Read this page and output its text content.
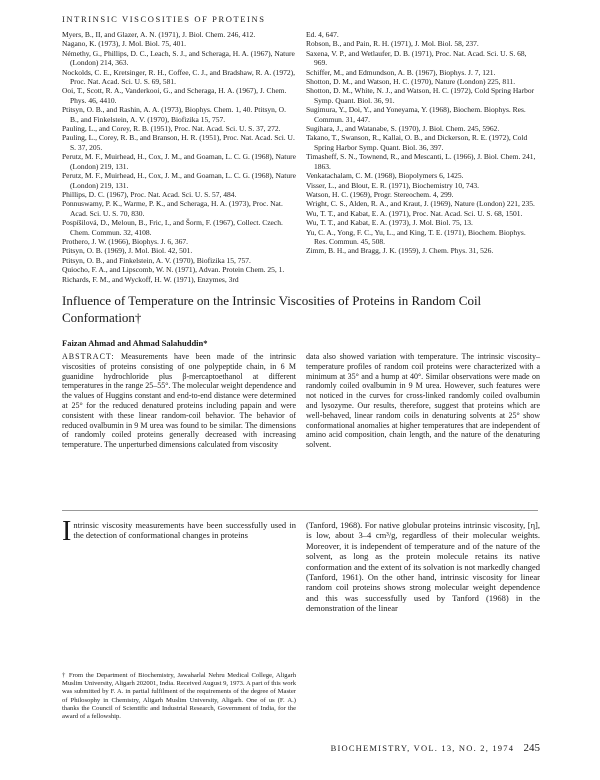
INTRINSIC VISCOSITIES OF PROTEINS

Myers, B., II, and Glazer, A. N. (1971), J. Biol. Chem. 246, 412.

Nagano, K. (1973), J. Mol. Biol. 75, 401.

Némethy, G., Phillips, D. C., Leach, S. J., and Scheraga, H. A. (1967), Nature (London) 214, 363.

Nockolds, C. E., Kretsinger, R. H., Coffee, C. J., and Bradshaw, R. A. (1972), Proc. Nat. Acad. Sci. U. S. 69, 581.

Ooi, T., Scott, R. A., Vanderkooi, G., and Scheraga, H. A. (1967), J. Chem. Phys. 46, 4410.

Ptitsyn, O. B., and Rashin, A. A. (1973), Biophys. Chem. 1, 40. Ptitsyn, O. B., and Finkelstein, A. V. (1970), Biofizika 15, 757.

Pauling, L., and Corey, R. B. (1951), Proc. Nat. Acad. Sci. U. S. 37, 272.

Pauling, L., Corey, R. B., and Branson, H. R. (1951), Proc. Nat. Acad. Sci. U. S. 37, 205.

Perutz, M. F., Muirhead, H., Cox, J. M., and Goaman, L. C. G. (1968), Nature (London) 219, 131.

Perutz, M. F., Muirhead, H., Cox, J. M., and Goaman, L. C. G. (1968), Nature (London) 219, 131.

Phillips, D. C. (1967), Proc. Nat. Acad. Sci. U. S. 57, 484.

Ponnuswamy, P. K., Warme, P. K., and Scheraga, H. A. (1973), Proc. Nat. Acad. Sci. U. S. 70, 830.

Pospíšilová, D., Meloun, B., Fric, I., and Šorm, F. (1967), Collect. Czech. Chem. Commun. 32, 4108.

Prothero, J. W. (1966), Biophys. J. 6, 367.

Ptitsyn, O. B. (1969), J. Mol. Biol. 42, 501.

Ptitsyn, O. B., and Finkelstein, A. V. (1970), Biofizika 15, 757.

Quiocho, F. A., and Lipscomb, W. N. (1971), Advan. Protein Chem. 25, 1.

Richards, F. M., and Wyckoff, H. W. (1971), Enzymes, 3rd

Ed. 4, 647.

Robson, B., and Pain, R. H. (1971), J. Mol. Biol. 58, 237.

Saxena, V. P., and Wetlaufer, D. B. (1971), Proc. Nat. Acad. Sci. U. S. 68, 969.

Schiffer, M., and Edmundson, A. B. (1967), Biophys. J. 7, 121.

Shotton, D. M., and Watson, H. C. (1970), Nature (London) 225, 811.

Shotton, D. M., White, N. J., and Watson, H. C. (1972), Cold Spring Harbor Symp. Quant. Biol. 36, 91.

Sugimura, Y., Doi, Y., and Yoneyama, Y. (1968), Biochem. Biophys. Res. Commun. 31, 447.

Sugihara, J., and Watanabe, S. (1970), J. Biol. Chem. 245, 5962.

Takano, T., Swanson, R., Kallai, O. B., and Dickerson, R. E. (1972), Cold Spring Harbor Symp. Quant. Biol. 36, 397.

Timasheff, S. N., Townend, R., and Mescanti, L. (1966), J. Biol. Chem. 241, 1863.

Venkatachalam, C. M. (1968), Biopolymers 6, 1425.

Visser, L., and Blout, E. R. (1971), Biochemistry 10, 743.

Watson, H. C. (1969), Progr. Stereochem. 4, 299.

Wright, C. S., Alden, R. A., and Kraut, J. (1969), Nature (London) 221, 235.

Wu, T. T., and Kabat, E. A. (1971), Proc. Nat. Acad. Sci. U. S. 68, 1501.

Wu, T. T., and Kabat, E. A. (1973), J. Mol. Biol. 75, 13.

Yu, C. A., Yong, F. C., Yu, L., and King, T. E. (1971), Biochem. Biophys. Res. Commun. 45, 508.

Zimm, B. H., and Bragg, J. K. (1959), J. Chem. Phys. 31, 526.

Influence of Temperature on the Intrinsic Viscosities of Proteins in Random Coil Conformation†
Faizan Ahmad and Ahmad Salahuddin*
ABSTRACT: Measurements have been made of the intrinsic viscosities of proteins consisting of one polypeptide chain, in 6 M guanidine hydrochloride plus β-mercaptoethanol at different temperatures in the range 25–55°. The molecular weight dependence and the values of Huggins constant and end-to-end distance were determined at 25° for the reduced denatured proteins including papain and were consistent with these linear random-coil behavior. The behavior of reduced ovalbumin in 9 M urea was found to be similar. The dimensions of randomly coiled proteins generally decreased with increasing temperature. The unperturbed dimensions calculated from viscosity
data also showed variation with temperature. The intrinsic viscosity–temperature profiles of random coil proteins were characterized with a minimum at 35° and a hump at 40°. Similar observations were made on randomly coiled ovalbumin in 9 M urea. However, such features were not noticed in the curves for cross-linked randomly coiled ovalbumin and lysozyme. Our results, therefore, suggest that proteins which are well-behaved, linear random coils in denaturing solvents at 25° show conformational anomalies at higher temperatures that are independent of amino acid composition, chain length, and the nature of the denaturing solvent.
I ntrinsic viscosity measurements have been successfully used in the detection of conformational changes in proteins
† From the Department of Biochemistry, Jawaharlal Nehru Medical College, Aligarh Muslim University, Aligarh 202001, India. Received August 9, 1973. A part of this work was submitted by F. A. in partial fulfilment of the requirements of the degree of Master of Philosophy in Chemistry, Aligarh Muslim University, Aligarh. One of us (F. A.) thanks the Council of Scientific and Industrial Research, Government of India, for the award of a fellowship.
(Tanford, 1968). For native globular proteins intrinsic viscosity, [η], is low, about 3–4 cm³/g, regardless of their molecular weights. Moreover, it is independent of temperature and of the nature of the solvent, as long as the protein molecule retains its native conformation and the extent of its solvation is not markedly changed (Tanford, 1961). On the other hand, intrinsic viscosity for linear random coil proteins shows strong molecular weight dependence and this was successfully used by Tanford (1968) in the demonstration of the linear
BIOCHEMISTRY, VOL. 13, NO. 2, 1974 245
